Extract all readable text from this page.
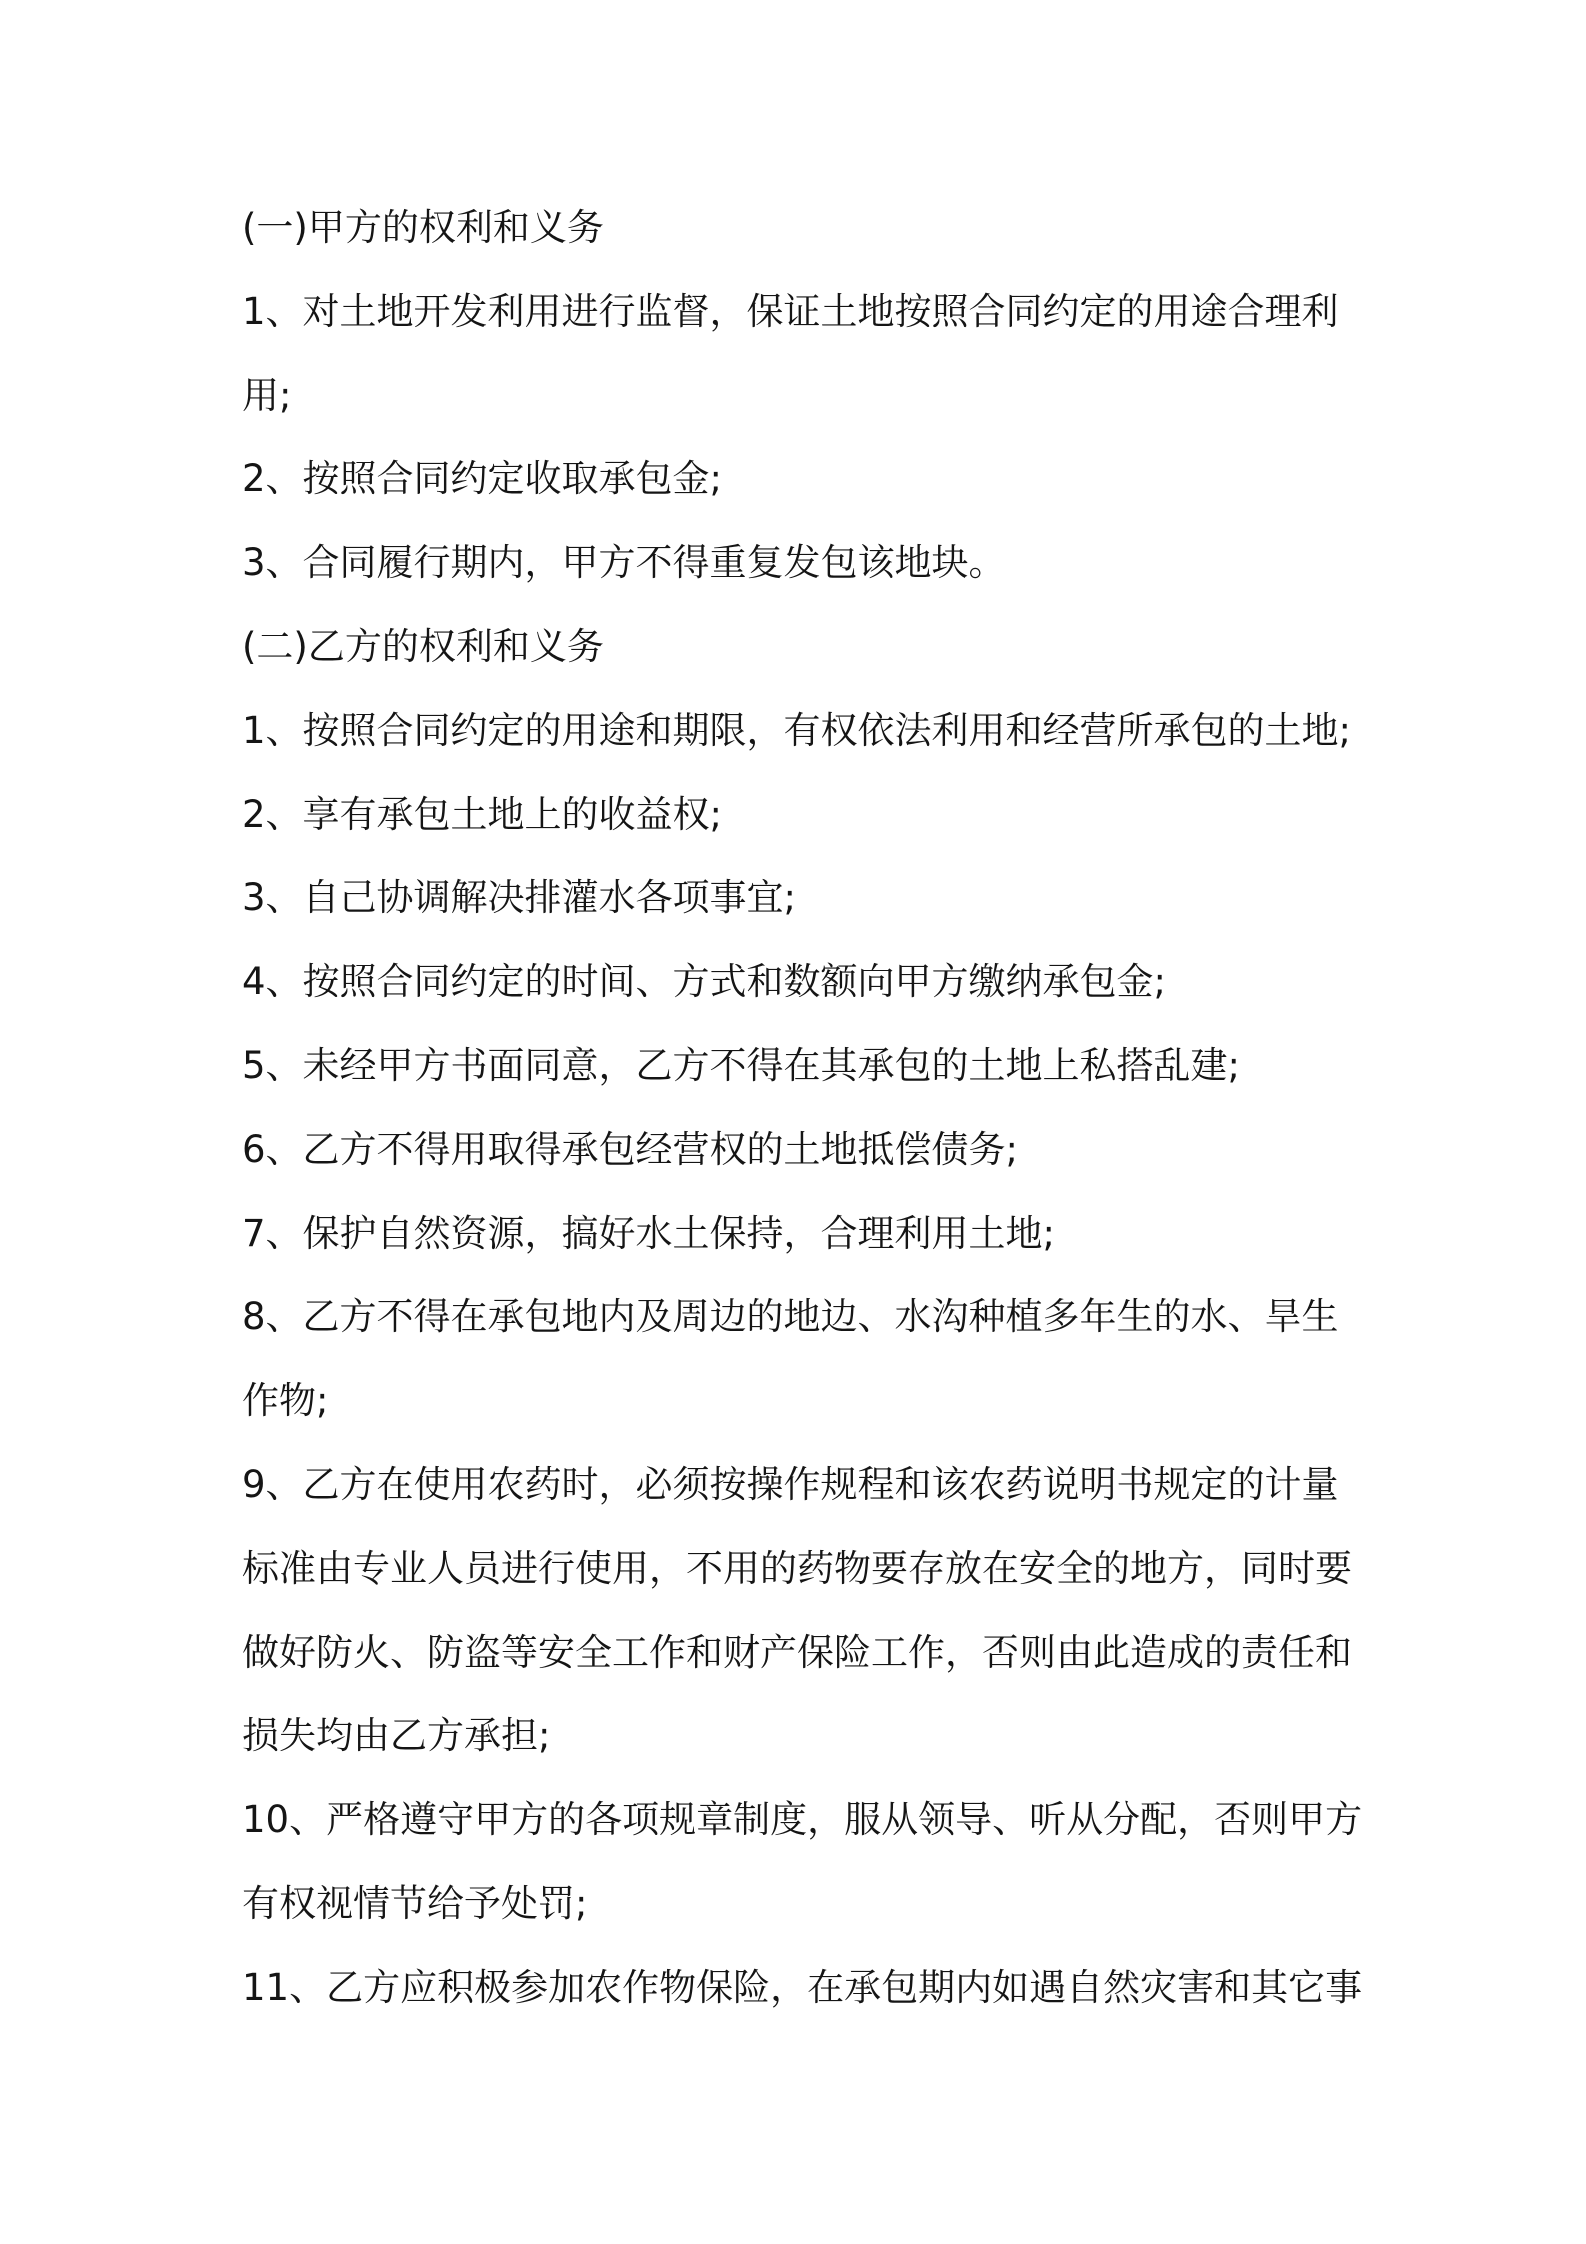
(一)甲方的权利和义务
1、对土地开发利用进行监督，保证土地按照合同约定的用途合理利
用;
2、按照合同约定收取承包金;
3、合同履行期内，甲方不得重复发包该地块。
(二)乙方的权利和义务
1、按照合同约定的用途和期限，有权依法利用和经营所承包的土地;
2、享有承包土地上的收益权;
3、自己协调解决排灌水各项事宜;
4、按照合同约定的时间、方式和数额向甲方缴纳承包金;
5、未经甲方书面同意，乙方不得在其承包的土地上私搭乱建;
6、乙方不得用取得承包经营权的土地抵偿债务;
7、保护自然资源，搞好水土保持，合理利用土地;
8、乙方不得在承包地内及周边的地边、水沟种植多年生的水、旱生
作物;
9、乙方在使用农药时，必须按操作规程和该农药说明书规定的计量
标准由专业人员进行使用，不用的药物要存放在安全的地方，同时要
做好防火、防盗等安全工作和财产保险工作，否则由此造成的责任和
损失均由乙方承担;
10、严格遵守甲方的各项规章制度，服从领导、听从分配，否则甲方
有权视情节给予处罚;
11、乙方应积极参加农作物保险，在承包期内如遇自然灾害和其它事
